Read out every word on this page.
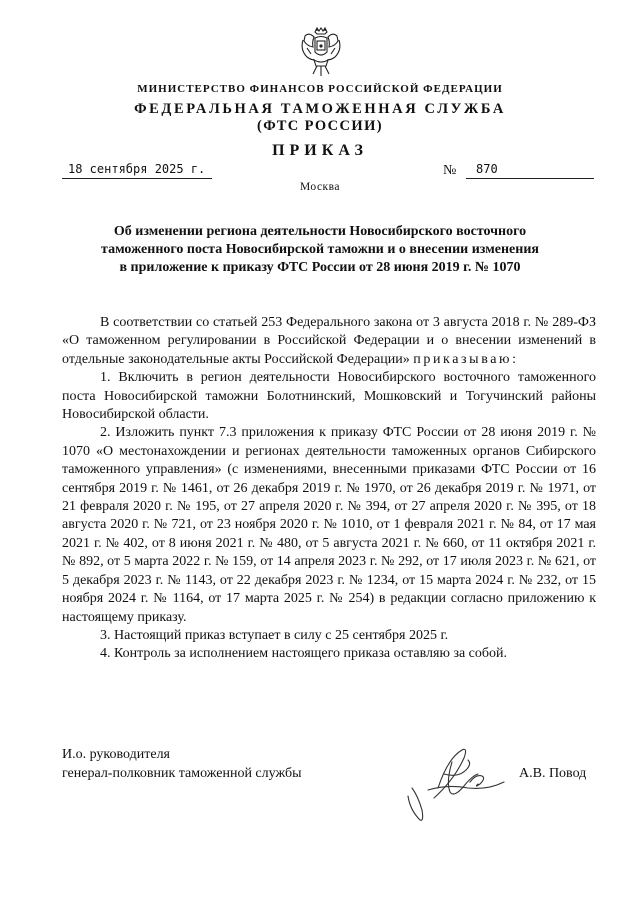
МИНИСТЕРСТВО ФИНАНСОВ РОССИЙСКОЙ ФЕДЕРАЦИИ
ФЕДЕРАЛЬНАЯ ТАМОЖЕННАЯ СЛУЖБА
(ФТС РОССИИ)
ПРИКАЗ
18 сентября 2025 г.	№ 870
Москва
Об изменении региона деятельности Новосибирского восточного
таможенного поста Новосибирской таможни и о внесении изменения
в приложение к приказу ФТС России от 28 июня 2019 г. № 1070

В соответствии со статьей 253 Федерального закона от 3 августа 2018 г. № 289-ФЗ «О таможенном регулировании в Российской Федерации и о внесении изменений в отдельные законодательные акты Российской Федерации» приказываю:

1. Включить в регион деятельности Новосибирского восточного таможенного поста Новосибирской таможни Болотнинский, Мошковский и Тогучинский районы Новосибирской области.

2. Изложить пункт 7.3 приложения к приказу ФТС России от 28 июня 2019 г. № 1070 «О местонахождении и регионах деятельности таможенных органов Сибирского таможенного управления» (с изменениями, внесенными приказами ФТС России от 16 сентября 2019 г. № 1461, от 26 декабря 2019 г. № 1970, от 26 декабря 2019 г. № 1971, от 21 февраля 2020 г. № 195, от 27 апреля 2020 г. № 394, от 27 апреля 2020 г. № 395, от 18 августа 2020 г. № 721, от 23 ноября 2020 г. № 1010, от 1 февраля 2021 г. № 84, от 17 мая 2021 г. № 402, от 8 июня 2021 г. № 480, от 5 августа 2021 г. № 660, от 11 октября 2021 г. № 892, от 5 марта 2022 г. № 159, от 14 апреля 2023 г. № 292, от 17 июля 2023 г. № 621, от 5 декабря 2023 г. № 1143, от 22 декабря 2023 г. № 1234, от 15 марта 2024 г. № 232, от 15 ноября 2024 г. № 1164, от 17 марта 2025 г. № 254) в редакции согласно приложению к настоящему приказу.

3. Настоящий приказ вступает в силу с 25 сентября 2025 г.

4. Контроль за исполнением настоящего приказа оставляю за собой.

И.о. руководителя
генерал-полковник таможенной службы	А.В. Повод
